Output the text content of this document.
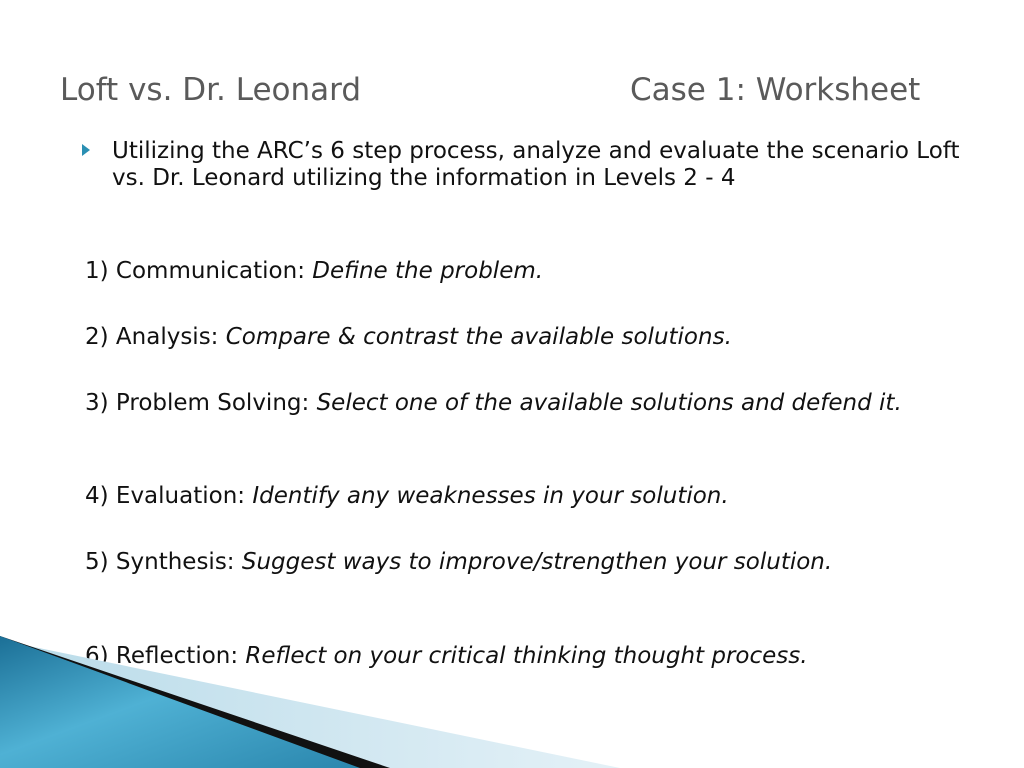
Loft vs. Dr. Leonard	Case 1: Worksheet
Utilizing the ARC’s 6 step process, analyze and evaluate the scenario Loft vs. Dr. Leonard utilizing the information in Levels 2 - 4
1) Communication: Define the problem.
2) Analysis: Compare & contrast the available solutions.
3) Problem Solving: Select one of the available solutions and defend it.
4) Evaluation: Identify any weaknesses in your solution.
5) Synthesis: Suggest ways to improve/strengthen your solution.
6) Reflection: Reflect on your critical thinking thought process.
